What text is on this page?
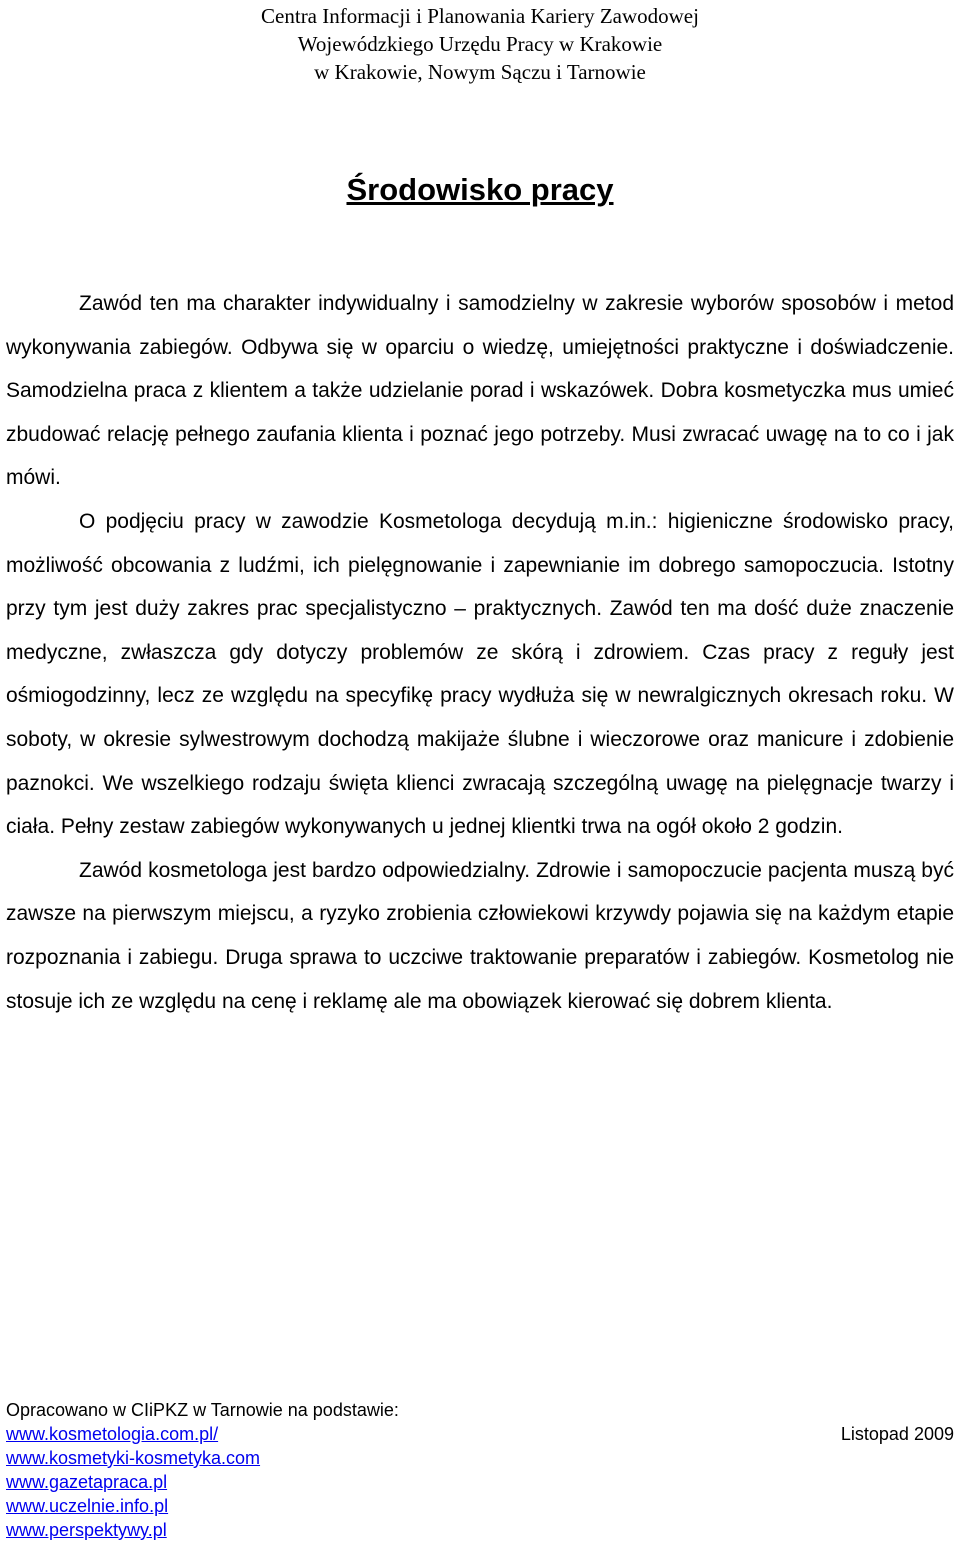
Centra Informacji i Planowania Kariery Zawodowej
Wojewódzkiego Urzędu Pracy w Krakowie
w Krakowie, Nowym Sączu i Tarnowie
Środowisko pracy

Zawód ten ma charakter indywidualny i samodzielny w zakresie wyborów sposobów i metod wykonywania zabiegów. Odbywa się w oparciu o wiedzę, umiejętności praktyczne i doświadczenie. Samodzielna praca z klientem a także udzielanie porad i wskazówek. Dobra kosmetyczka mus umieć zbudować relację pełnego zaufania klienta i poznać jego potrzeby. Musi zwracać uwagę na to co i jak mówi.

O podjęciu pracy w zawodzie Kosmetologa decydują m.in.: higieniczne środowisko pracy, możliwość obcowania z ludźmi, ich pielęgnowanie i zapewnianie im dobrego samopoczucia. Istotny przy tym jest duży zakres prac specjalistyczno – praktycznych. Zawód ten ma dość duże znaczenie medyczne, zwłaszcza gdy dotyczy problemów ze skórą i zdrowiem. Czas pracy z reguły jest ośmiogodzinny, lecz ze względu na specyfikę pracy wydłuża się w newralgicznych okresach roku. W soboty, w okresie sylwestrowym dochodzą makijaże ślubne i wieczorowe oraz manicure i zdobienie paznokci. We wszelkiego rodzaju święta klienci zwracają szczególną uwagę na pielęgnacje twarzy i ciała. Pełny zestaw zabiegów wykonywanych u jednej klientki trwa na ogół około 2 godzin.

Zawód kosmetologa jest bardzo odpowiedzialny. Zdrowie i samopoczucie pacjenta muszą być zawsze na pierwszym miejscu, a ryzyko zrobienia człowiekowi krzywdy pojawia się na każdym etapie rozpoznania i zabiegu. Druga sprawa to uczciwe traktowanie preparatów i zabiegów. Kosmetolog nie stosuje ich ze względu na cenę i reklamę ale ma obowiązek kierować się dobrem klienta.

Opracowano w CIiPKZ w Tarnowie na podstawie:
www.kosmetologia.com.pl/	Listopad 2009
www.kosmetyki-kosmetyka.com
www.gazetapraca.pl
www.uczelnie.info.pl
www.perspektywy.pl
